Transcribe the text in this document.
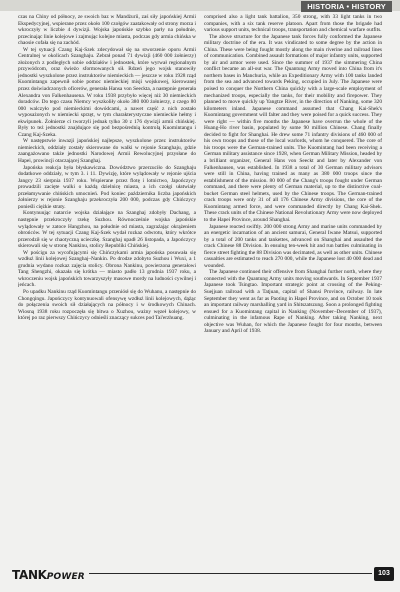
HISTORIA • HISTORY

czas na Chiny od północy, ze swoich baz w Mandżurii, zaś siły japońskiej Armii Ekspedycyjnej, wspierane przez około 100 czołgów zaatakowały od strony morza i wkroczyły w liczbie 4 dywizji. Wojska japońskie szybko parły na południe, przecinając linie kolejowe i zajmując kolejne miasta, podczas gdy armia chińska w chaosie cofała się na zachód.

W tej sytuacji Czang Kaj-Szek zdecydował się na stworzenie oporu Armii Centralnej w okolicach Szanghaju. Zebrał ponad 71 dywizji (460 000 żołnierzy) złożonych z podległych sobie oddziałów i jednostek, które wyrwał regionalnym przywódcom, oraz świeżo sformowanych sił. Rdzeń jego wojsk stanowiły jednostki wyszkolone przez instruktorów niemieckich — jeszcze w roku 1928 rząd Kuomintangu zapewnił sobie pomoc niemieckiej misji wojskowej, kierowanej przez doświadczonych oficerów, generała Hansa von Seeckta, a następnie generała Alexandra von Falkenhausena. W roku 1938 przybyło więcej niż 30 niemieckich doradców. Do tego czasu Niemcy wyszkoliły około 380 000 żołnierzy, z czego 80 000 walczyło pod niemieckimi dowódcami, a nawet część z nich zostało wyposażonych w niemiecki sprzęt, w tym charakterystyczne niemieckie hełmy i ekwipunek. Żołnierze ci tworzyli jednak tylko 30 z 176 dywizji armii chińskiej. Były to też jednostki znajdujące się pod bezpośrednią kontrolą Kuomintangu i Czang Kaj-Szeka.

W następstwie inwazji japońskiej najlepsze, wyszkolone przez instruktorów niemieckich, oddziały zostały skierowane do walki w rejonie Szanghaju, gdzie zaangażowano także jednostki Narodowej Armii Rewolucyjnej przysłane do Hapei, prowincji otaczającej Szanghaj.

Japońska reakcja była błyskawiczna. Dowództwo przerzuciło do Szanghaju dodatkowe oddziały, w tym 3. i 11. Dywizję, które wylądowały w rejonie ujścia Jangcy 23 sierpnia 1937 roku. Wspierane przez flotę i lotnictwo, Japończycy prowadzili zacięte walki o każdą dzielnicę miasta, a ich czołgi ułatwiały przełamywanie chińskich umocnień. Pod koniec października liczba japońskich żołnierzy w rejonie Szanghaju przekroczyła 200 000, podczas gdy Chińczycy ponieśli ciężkie straty.

Kontynuując natarcie wojska działające na Szanghaj zdobyły Dachang, a następnie przekroczyły rzekę Suzhou. Równocześnie wojska japońskie wylądowały w zatoce Hangzhou, na południe od miasta, zagrażając okrążeniem obrońców. W tej sytuacji Czang Kaj-Szek wydał rozkaz odwrotu, który wkrótce przerodził się w chaotyczną ucieczkę. Szanghaj upadł 26 listopada, a Japończycy skierowali się w stronę Nankinu, stolicy Republiki Chińskiej.

W pościgu za wycofującymi się Chińczykami armia japońska posuwała się wzdłuż linii kolejowej Szanghaj–Nankin. Po drodze zdobyto Suzhou i Wuxi, a 1 grudnia wydano rozkaz zajęcia stolicy. Obrona Nankinu, powierzona generałowi Tang Shengzhi, okazała się krótka — miasto padło 13 grudnia 1937 roku, a wkroczeniu wojsk japońskich towarzyszyły masowe mordy na ludności cywilnej i jeńcach.

Po upadku Nankinu rząd Kuomintangu przeniósł się do Wuhanu, a następnie do Chongqingu. Japończycy kontynuowali ofensywę wzdłuż linii kolejowych, dążąc do połączenia swoich sił działających na północy i w środkowych Chinach. Wiosną 1938 roku rozpoczęła się bitwa o Xuzhou, ważny węzeł kolejowy, w której po raz pierwszy Chińczycy odnieśli znaczący sukces pod Tai'erzhuang.

comprised also a light tank battalion, 350 strong, with 33 light tanks in two companies, with a six tank reserve platoon. Apart from those the brigade had various support units, technical troops, transportation and chemical warfare outfits.

The above structure for the Japanese tank forces fully conformed the Japanese military doctrine of the era. It was vindicated to some degree by the action in China. These were being fought mostly along the main riverine and railroad lines of communication. Combined assault formations of major infantry units, supported by air and armor were used. Since the summer of 1937 the simmering China conflict became an all-out war. The Quantung Army moved into China from it's northern bases in Manchuria, while an Expeditionary Army with 100 tanks landed from the sea and advanced towards Peking, occupied in July. The Japanese were poised to conquer the Northern China quickly with a large-scale employment of mechanized troops, especially the tanks, for their mobility and firepower. They planned to move quickly up Yangtze River, in the direction of Nanking, some 320 kilometers inland. Japanese command assumed that Chang Kai-Shek's Kuomintang government will falter and they were poised for a quick success. They were right — within five months the Japanese have overrun the whole of the Huang-Ho river basin, populated by some 90 million Chinese. Chang finally decided to fight for Shanghai. He drew some 71 infantry divisions of 460 000 of his own troops and those of the local warlords, whom he conquered. The core of his troops were the German-trained units. The Kuomintang had been receiving a German military assistance since 1928, when German Military Mission, headed by a brilliant organizer, General Hans von Seeckt and later by Alexander von Falkenhausen, was established. In 1938 a total of 30 German military advisors were still in China, having trained as many as 380 000 troops since the establishment of the mission. 80 000 of the Chang's troops fought under German command, and there were plenty of German material, up to the distinctive coal-bucket German steel helmets, used by the Chinese troops. The German-trained crack troops were only 31 of all 176 Chinese Army divisions, the core of the Kuomintang armed force, and were commanded directly by Chang Kai-Shek. These crack units of the Chinese National Revolutionary Army were now deployed to the Hapei Province, around Shanghai.

Japanese reacted swiftly. 200 000 strong Army and marine units commanded by an energetic incarnation of an ancient samurai, General Iwane Matsui, supported by a total of 200 tanks and tankettes, advanced on Shanghai and assaulted the crack Chinese 88 Division. In ensuing ten-week hit and run battles culminating in fierce street fighting the 88 Division was decimated, as well as other units. Chinese casualties are estimated to reach 270 000, while the Japanese lost 40 000 dead and wounded.

The Japanese continued their offensive from Shanghai further north, where they connected with the Quantung Army units moving southwards. In September 1937 Japanese took Tsingtao. Important strategic point at crossing of the Peking-Suejjuan railroad with a Tatjuan, capital of Shansi Province, railway. In late September they went as far as Paoting in Hapei Province, and on October 10 took an important railway marshalling yard in Shitszatszung. Soon a prolonged fighting ensued for a Kuomintang capital in Nanking (November–December of 1937), culminating in the infamous Rape of Nanking. After taking Nanking, next objective was Wuhan, for which the Japanese fought for four months, between January and April of 1938.

TANKPOWER	103
